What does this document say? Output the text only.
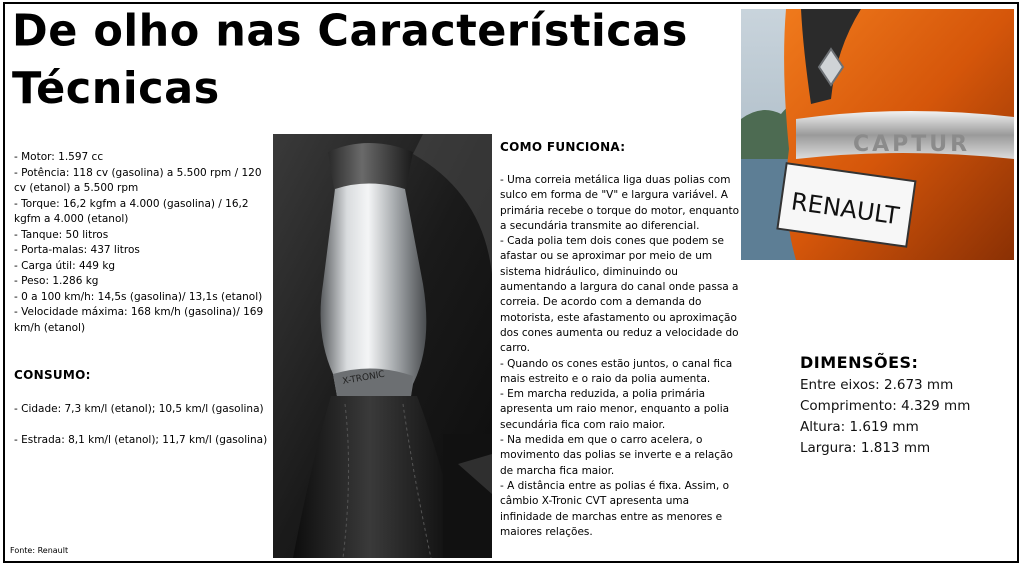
De olho nas Características Técnicas
- Motor: 1.597 cc
- Potência: 118 cv (gasolina) a 5.500 rpm / 120 cv (etanol) a 5.500 rpm
- Torque: 16,2 kgfm a 4.000 (gasolina) / 16,2 kgfm a 4.000 (etanol)
- Tanque: 50 litros
- Porta-malas: 437 litros
- Carga útil: 449 kg
- Peso: 1.286 kg
- 0 a 100 km/h: 14,5s (gasolina)/ 13,1s (etanol)
- Velocidade máxima: 168 km/h (gasolina)/ 169 km/h (etanol)
CONSUMO:
- Cidade: 7,3 km/l (etanol); 10,5 km/l (gasolina)
- Estrada: 8,1 km/l (etanol); 11,7 km/l (gasolina)
Fonte: Renault
X-TRONIC
COMO FUNCIONA:
- Uma correia metálica liga duas polias com sulco em forma de "V" e largura variável. A primária recebe o torque do motor, enquanto a secundária transmite ao diferencial.
- Cada polia tem dois cones que podem se afastar ou se aproximar por meio de um sistema hidráulico, diminuindo ou aumentando a largura do canal onde passa a correia. De acordo com a demanda do motorista, este afastamento ou aproximação dos cones aumenta ou reduz a velocidade do carro.
- Quando os cones estão juntos, o canal fica mais estreito e o raio da polia aumenta.
- Em marcha reduzida, a polia primária apresenta um raio menor, enquanto a polia secundária fica com raio maior.
- Na medida em que o carro acelera, o movimento das polias se inverte e a relação de marcha fica maior.
- A distância entre as polias é fixa. Assim, o câmbio X-Tronic CVT apresenta uma infinidade de marchas entre as menores e maiores relações.
CAPTUR
RENAULT
DIMENSÕES:
Entre eixos: 2.673 mm
Comprimento: 4.329 mm
Altura: 1.619 mm
Largura: 1.813 mm
